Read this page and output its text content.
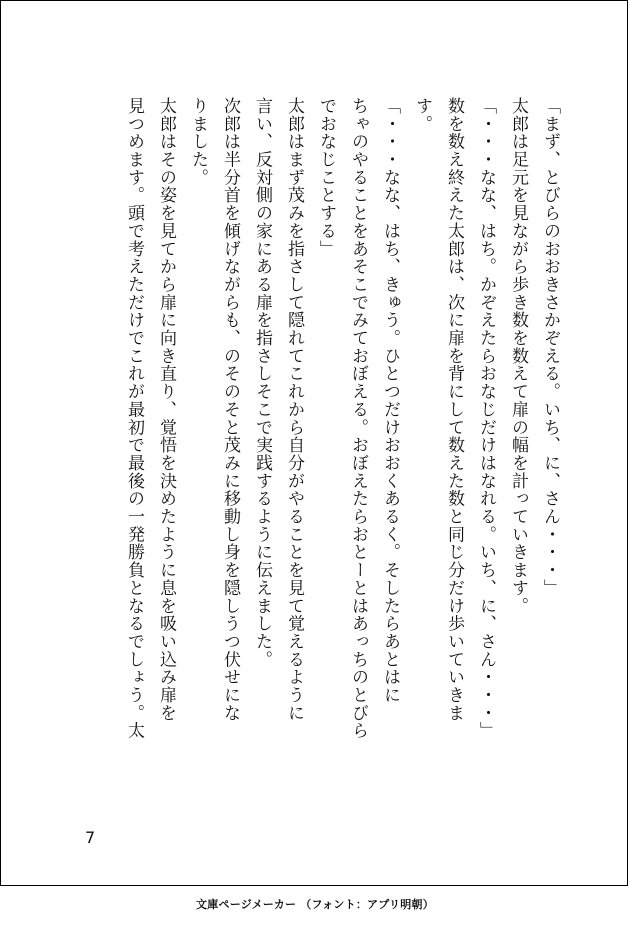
「まず、とびらのおおきさかぞえる。いち、に、さん・・・」
太郎は足元を見ながら歩き数を数えて扉の幅を計っていきます。
「・・・なな、はち。かぞえたらおなじだけはなれる。いち、に、さん・・・」
数を数え終えた太郎は、次に扉を背にして数えた数と同じ分だけ歩いていきま
す。
「・・・なな、はち、きゅう。ひとつだけおおくあるく。そしたらあとはに
ちゃのやることをあそこでみておぼえる。おぼえたらおとーとはあっちのとびら
でおなじことする」
太郎はまず茂みを指さして隠れてこれから自分がやることを見て覚えるように
言い、反対側の家にある扉を指さしそこで実践するように伝えました。
次郎は半分首を傾げながらも、のそのそと茂みに移動し身を隠しうつ伏せにな
りました。
太郎はその姿を見てから扉に向き直り、覚悟を決めたように息を吸い込み扉を
見つめます。頭で考えただけでこれが最初で最後の一発勝負となるでしょう。太
7
文庫ページメーカー （フォント：アプリ明朝）
